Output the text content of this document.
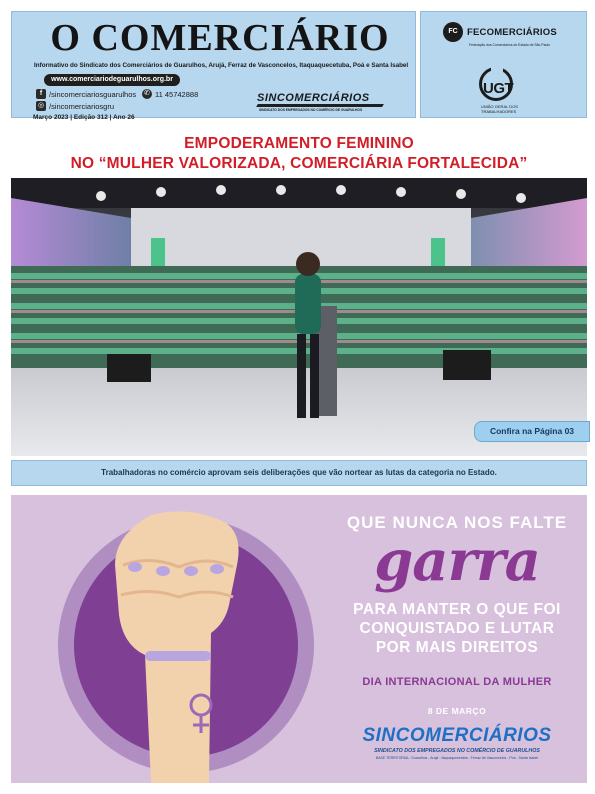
O COMERCIÁRIO
Informativo do Sindicato dos Comerciários de Guarulhos, Arujá, Ferraz de Vasconcelos, Itaquaquecetuba, Poá e Santa Isabel
www.comerciariodeguarulhos.org.br
f /sincomerciariosguarulhos ✆ 11 45742888
◎ /sincomerciariosgru
SINCOMERCIÁRIOS
SINDICATO DOS EMPREGADOS NO COMÉRCIO DE GUARULHOS
Março 2023 | Edição 312 | Ano 26
FC FECOMERCIÁRIOS
Federação dos Comerciários do Estado de São Paulo
UGT
UNIÃO GERAL DOS TRABALHADORES
EMPODERAMENTO FEMININO
NO “MULHER VALORIZADA, COMERCIÁRIA FORTALECIDA”
Confira na Página 03
Trabalhadoras no comércio aprovam seis deliberações que vão nortear as lutas da categoria no Estado.
QUE NUNCA NOS FALTE
garra
PARA MANTER O QUE FOI
CONQUISTADO E LUTAR
POR MAIS DIREITOS
DIA INTERNACIONAL DA MULHER
8 DE MARÇO
SINCOMERCIÁRIOS
SINDICATO DOS EMPREGADOS NO COMÉRCIO DE GUARULHOS
BASE TERRITORIAL: Guarulhos - Arujá - Itaquaquecetuba - Ferraz de Vasconcelos - Poá - Santa Isabel
